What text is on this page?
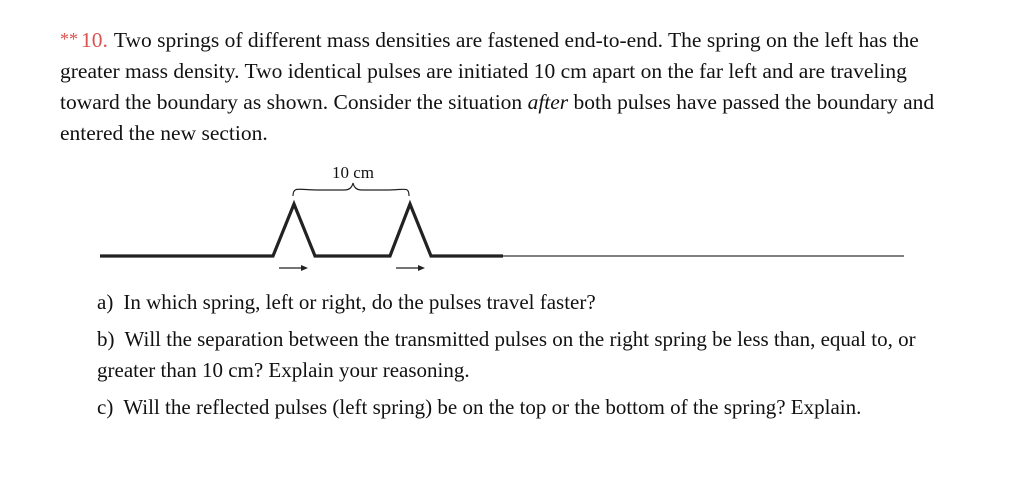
** 10. Two springs of different mass densities are fastened end-to-end. The spring on the left has the greater mass density. Two identical pulses are initiated 10 cm apart on the far left and are traveling toward the boundary as shown. Consider the situation after both pulses have passed the boundary and entered the new section.
10 cm
a) In which spring, left or right, do the pulses travel faster?
b) Will the separation between the transmitted pulses on the right spring be less than, equal to, or greater than 10 cm? Explain your reasoning.
c) Will the reflected pulses (left spring) be on the top or the bottom of the spring? Explain.
